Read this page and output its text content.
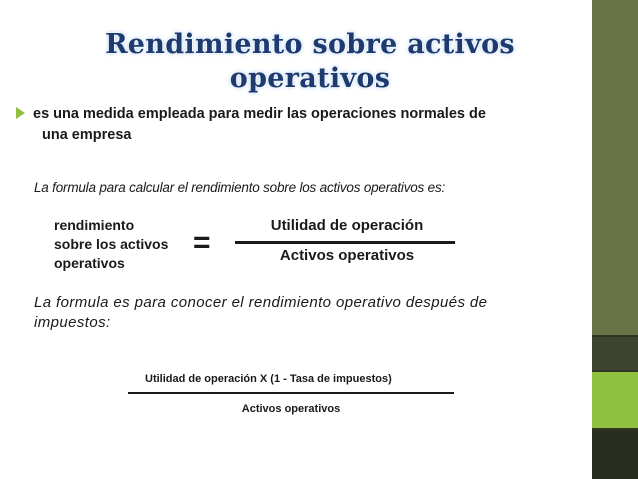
Rendimiento sobre activos operativos
es una medida empleada para medir las operaciones normales de
una empresa
La formula para calcular el rendimiento sobre los activos operativos es:
rendimiento
sobre los activos
operativos
=
Utilidad de operación
Activos operativos
La formula es para conocer el rendimiento operativo después de
impuestos:
Utilidad de operación X (1 - Tasa de impuestos)
Activos operativos
